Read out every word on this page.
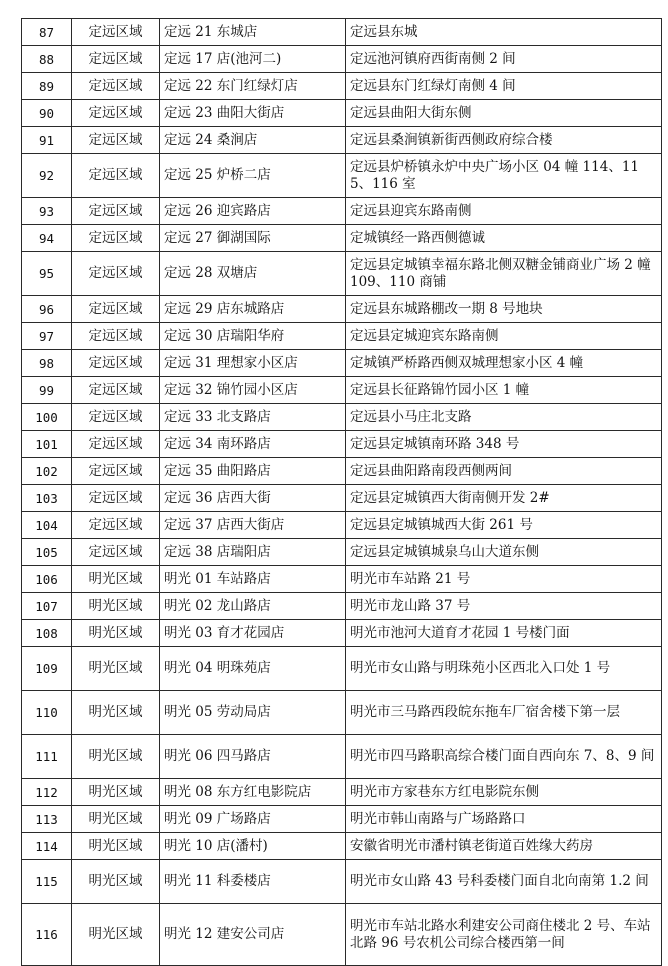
87	定远区域	定远 21 东城店	定远县东城
88	定远区域	定远 17 店(池河二)	定远池河镇府西街南侧 2 间
89	定远区域	定远 22 东门红绿灯店	定远县东门红绿灯南侧 4 间
90	定远区域	定远 23 曲阳大街店	定远县曲阳大街东侧
91	定远区域	定远 24 桑涧店	定远县桑涧镇新街西侧政府综合楼
92	定远区域	定远 25 炉桥二店	定远县炉桥镇永炉中央广场小区 04 幢 114、115、116 室
93	定远区域	定远 26 迎宾路店	定远县迎宾东路南侧
94	定远区域	定远 27 御湖国际	定城镇经一路西侧德诚
95	定远区域	定远 28 双塘店	定远县定城镇幸福东路北侧双糖金铺商业广场 2 幢 109、110 商铺
96	定远区域	定远 29 店东城路店	定远县东城路棚改一期 8 号地块
97	定远区域	定远 30 店瑞阳华府	定远县定城迎宾东路南侧
98	定远区域	定远 31 理想家小区店	定城镇严桥路西侧双城理想家小区 4 幢
99	定远区域	定远 32 锦竹园小区店	定远县长征路锦竹园小区 1 幢
100	定远区域	定远 33 北支路店	定远县小马庄北支路
101	定远区域	定远 34 南环路店	定远县定城镇南环路 348 号
102	定远区域	定远 35 曲阳路店	定远县曲阳路南段西侧两间
103	定远区域	定远 36 店西大街	定远县定城镇西大街南侧开发 2#
104	定远区域	定远 37 店西大街店	定远县定城镇城西大街 261 号
105	定远区域	定远 38 店瑞阳店	定远县定城镇城泉乌山大道东侧
106	明光区域	明光 01 车站路店	明光市车站路 21 号
107	明光区域	明光 02 龙山路店	明光市龙山路 37 号
108	明光区域	明光 03 育才花园店	明光市池河大道育才花园 1 号楼门面
109	明光区域	明光 04 明珠苑店	明光市女山路与明珠苑小区西北入口处 1 号
110	明光区域	明光 05 劳动局店	明光市三马路西段皖东拖车厂宿舍楼下第一层
111	明光区域	明光 06 四马路店	明光市四马路职高综合楼门面自西向东 7、8、9 间
112	明光区域	明光 08 东方红电影院店	明光市方家巷东方红电影院东侧
113	明光区域	明光 09 广场路店	明光市韩山南路与广场路路口
114	明光区域	明光 10 店(潘村)	安徽省明光市潘村镇老街道百姓缘大药房
115	明光区域	明光 11 科委楼店	明光市女山路 43 号科委楼门面自北向南第 1.2 间
116	明光区域	明光 12 建安公司店	明光市车站北路水利建安公司商住楼北 2 号、车站北路 96 号农机公司综合楼西第一间
